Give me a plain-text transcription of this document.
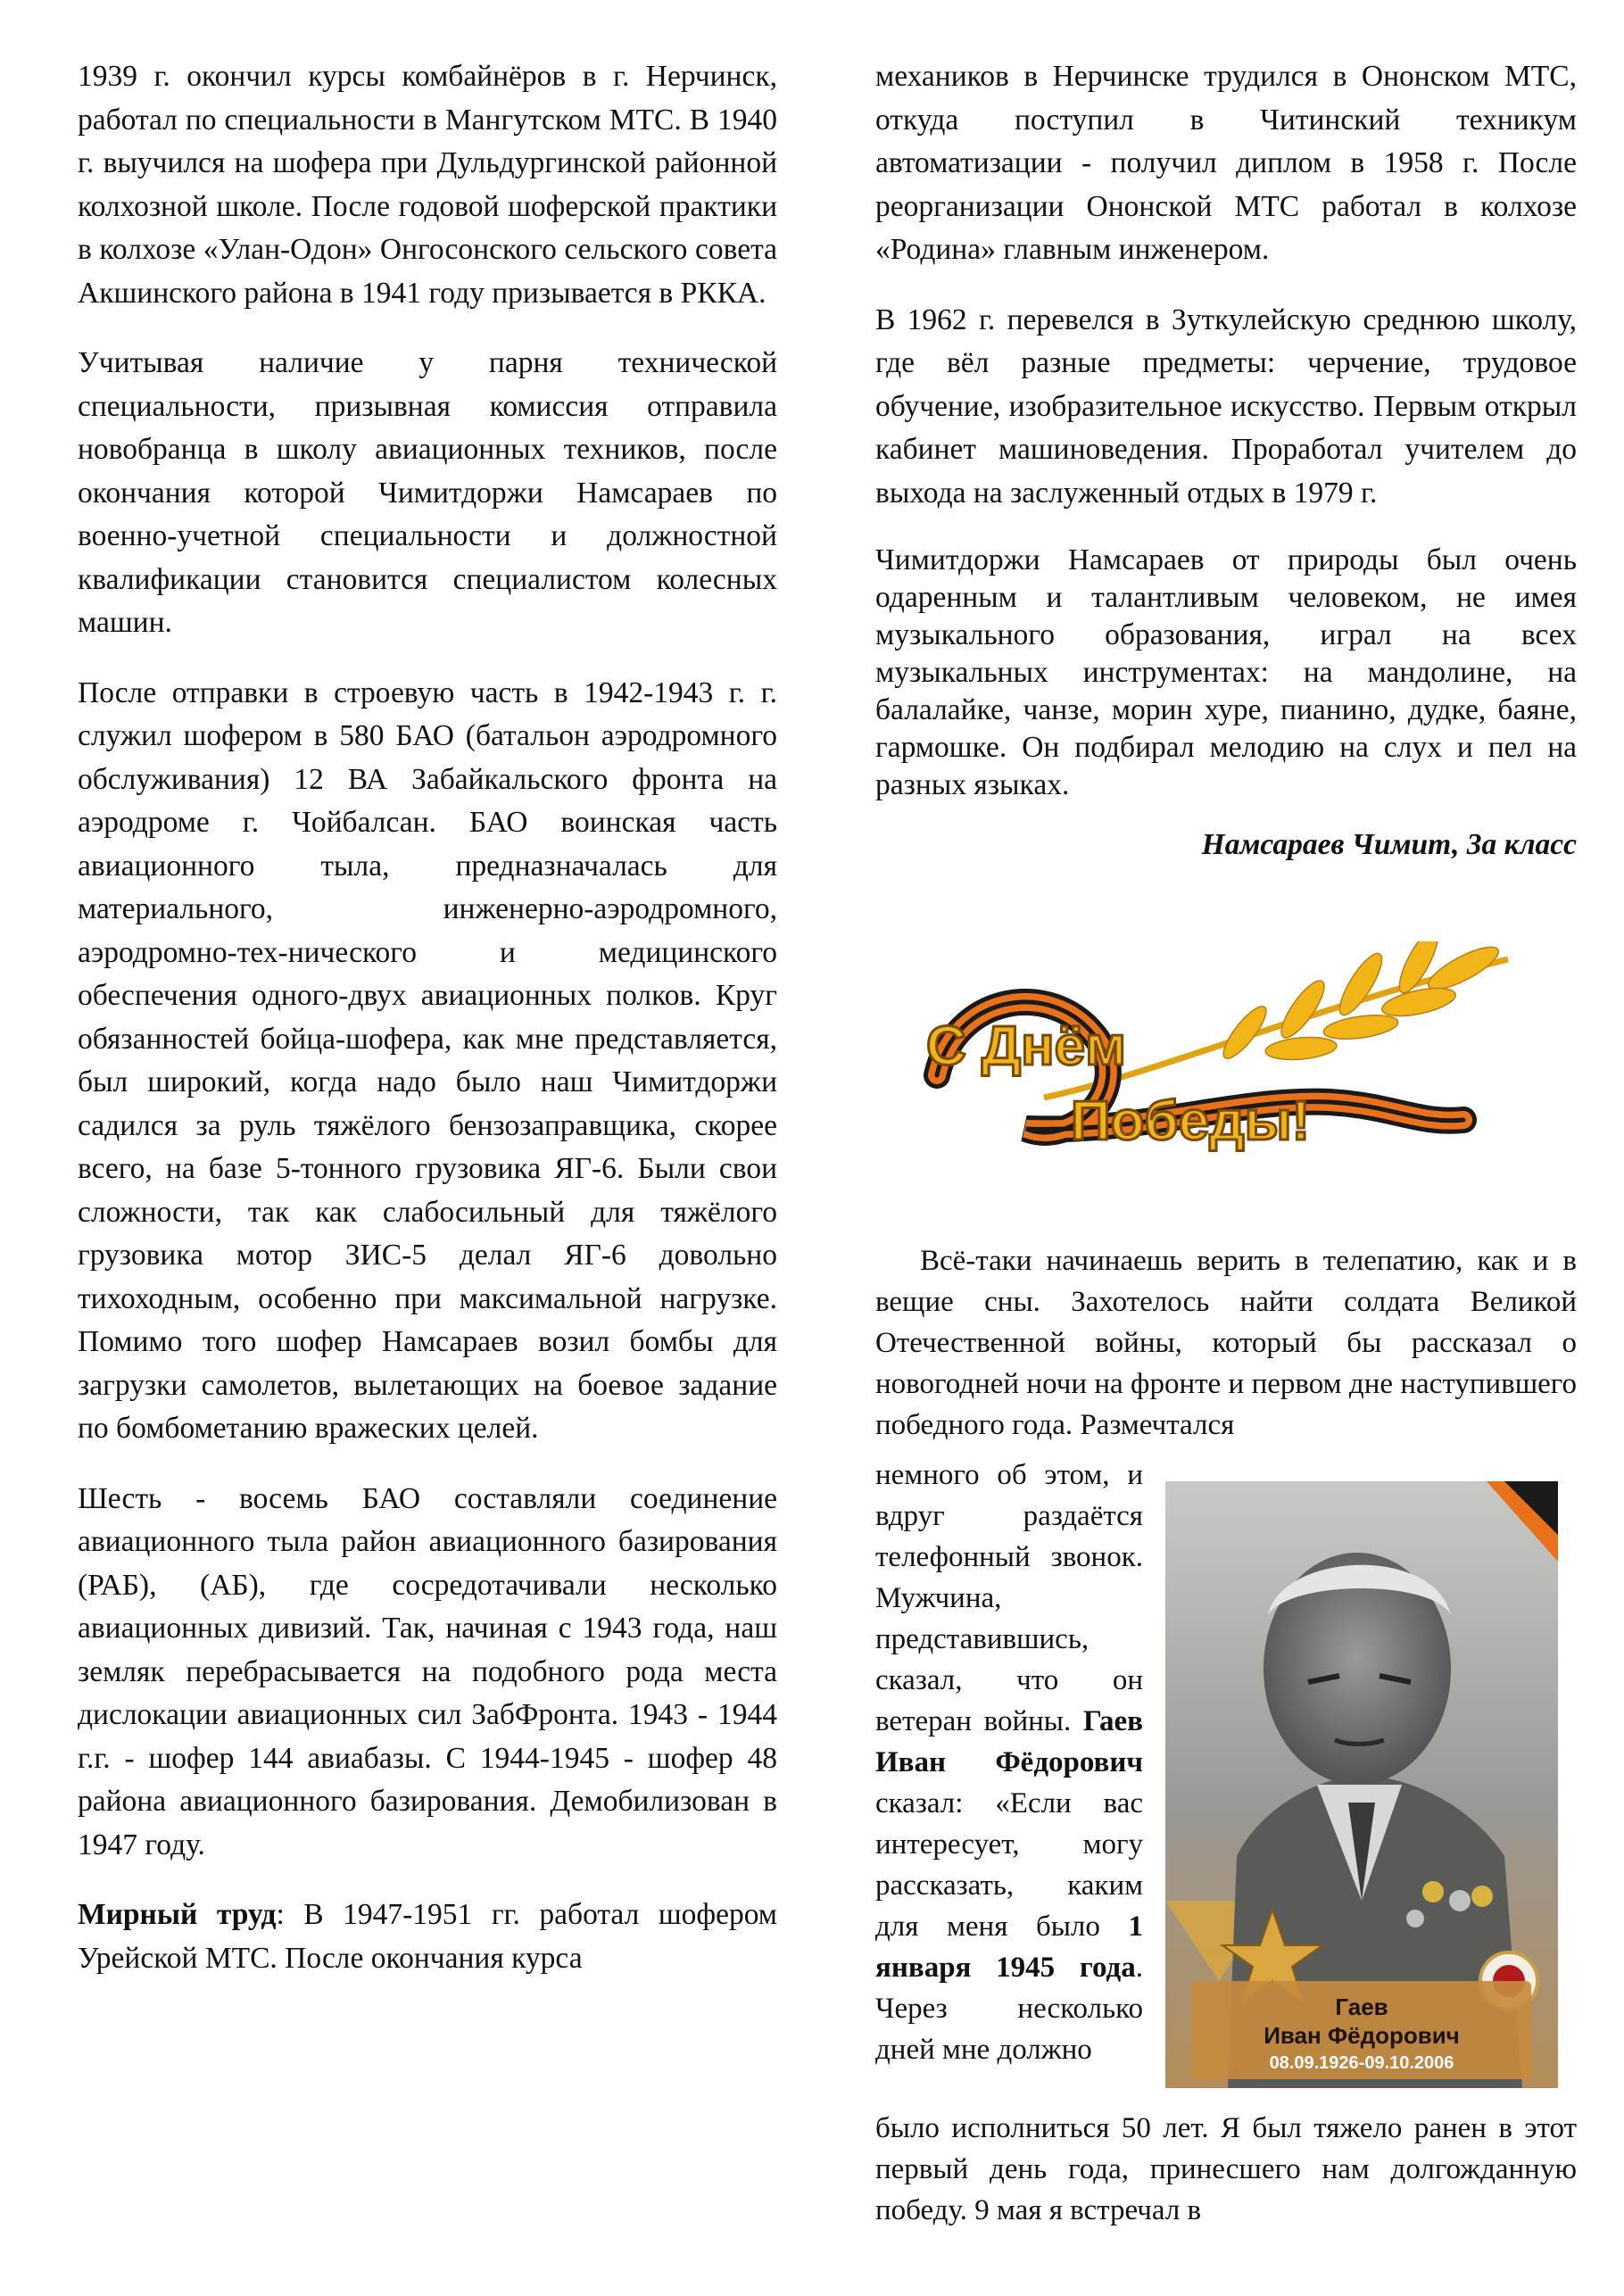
1939 г. окончил курсы комбайнёров в г. Нерчинск, работал по специальности в Мангутском МТС. В 1940 г. выучился на шофера при Дульдургинской районной колхозной школе. После годовой шоферской практики в колхозе «Улан-Одон» Онгосонского сельского совета Акшинского района в 1941 году призывается в РККА.

Учитывая наличие у парня технической специальности, призывная комиссия отправила новобранца в школу авиационных техников, после окончания которой Чимитдоржи Намсараев по военно-учетной специальности и должностной квалификации становится специалистом колесных машин.

После отправки в строевую часть в 1942-1943 г. г. служил шофером в 580 БАО (батальон аэродромного обслуживания) 12 ВА Забайкальского фронта на аэродроме г. Чойбалсан. БАО воинская часть авиационного тыла, предназначалась для материального, инженерно-аэродромного, аэродромно-тех-нического и медицинского обеспечения одного-двух авиационных полков. Круг обязанностей бойца-шофера, как мне представляется, был широкий, когда надо было наш Чимитдоржи садился за руль тяжёлого бензозаправщика, скорее всего, на базе 5-тонного грузовика ЯГ-6. Были свои сложности, так как слабосильный для тяжёлого грузовика мотор ЗИС-5 делал ЯГ-6 довольно тихоходным, особенно при максимальной нагрузке. Помимо того шофер Намсараев возил бомбы для загрузки самолетов, вылетающих на боевое задание по бомбометанию вражеских целей.

Шесть - восемь БАО составляли соединение авиационного тыла район авиационного базирования (РАБ), (АБ), где сосредотачивали несколько авиационных дивизий. Так, начиная с 1943 года, наш земляк перебрасывается на подобного рода места дислокации авиационных сил ЗабФронта. 1943 - 1944 г.г. - шофер 144 авиабазы. С 1944-1945 - шофер 48 района авиационного базирования. Демобилизован в 1947 году.

Мирный труд: В 1947-1951 гг. работал шофером Урейской МТС. После окончания курса

механиков в Нерчинске трудился в Ононском МТС, откуда поступил в Читинский техникум автоматизации - получил диплом в 1958 г. После реорганизации Ононской МТС работал в колхозе «Родина» главным инженером.

В 1962 г. перевелся в Зуткулейскую среднюю школу, где вёл разные предметы: черчение, трудовое обучение, изобразительное искусство. Первым открыл кабинет машиноведения. Проработал учителем до выхода на заслуженный отдых в 1979 г.

Чимитдоржи Намсараев от природы был очень одаренным и талантливым человеком, не имея музыкального образования, играл на всех музыкальных инструментах: на мандолине, на балалайке, чанзе, морин хуре, пианино, дудке, баяне, гармошке. Он подбирал мелодию на слух и пел на разных языках.

Намсараев Чимит, 3а класс

С Днём
Победы!

Всё-таки начинаешь верить в телепатию, как и в вещие сны. Захотелось найти солдата Великой Отечественной войны, который бы рассказал о новогодней ночи на фронте и первом дне наступившего победного года. Размечтался

немного об этом, и вдруг раздаётся телефонный звонок. Мужчина, представившись, сказал, что он ветеран войны. Гаев Иван Фёдорович сказал: «Если вас интересует, могу рассказать, каким для меня было 1 января 1945 года. Через несколько дней мне должно

Гаев
Иван Фёдорович
08.09.1926-09.10.2006

было исполниться 50 лет. Я был тяжело ранен в этот первый день года, принесшего нам долгожданную победу. 9 мая я встречал в
